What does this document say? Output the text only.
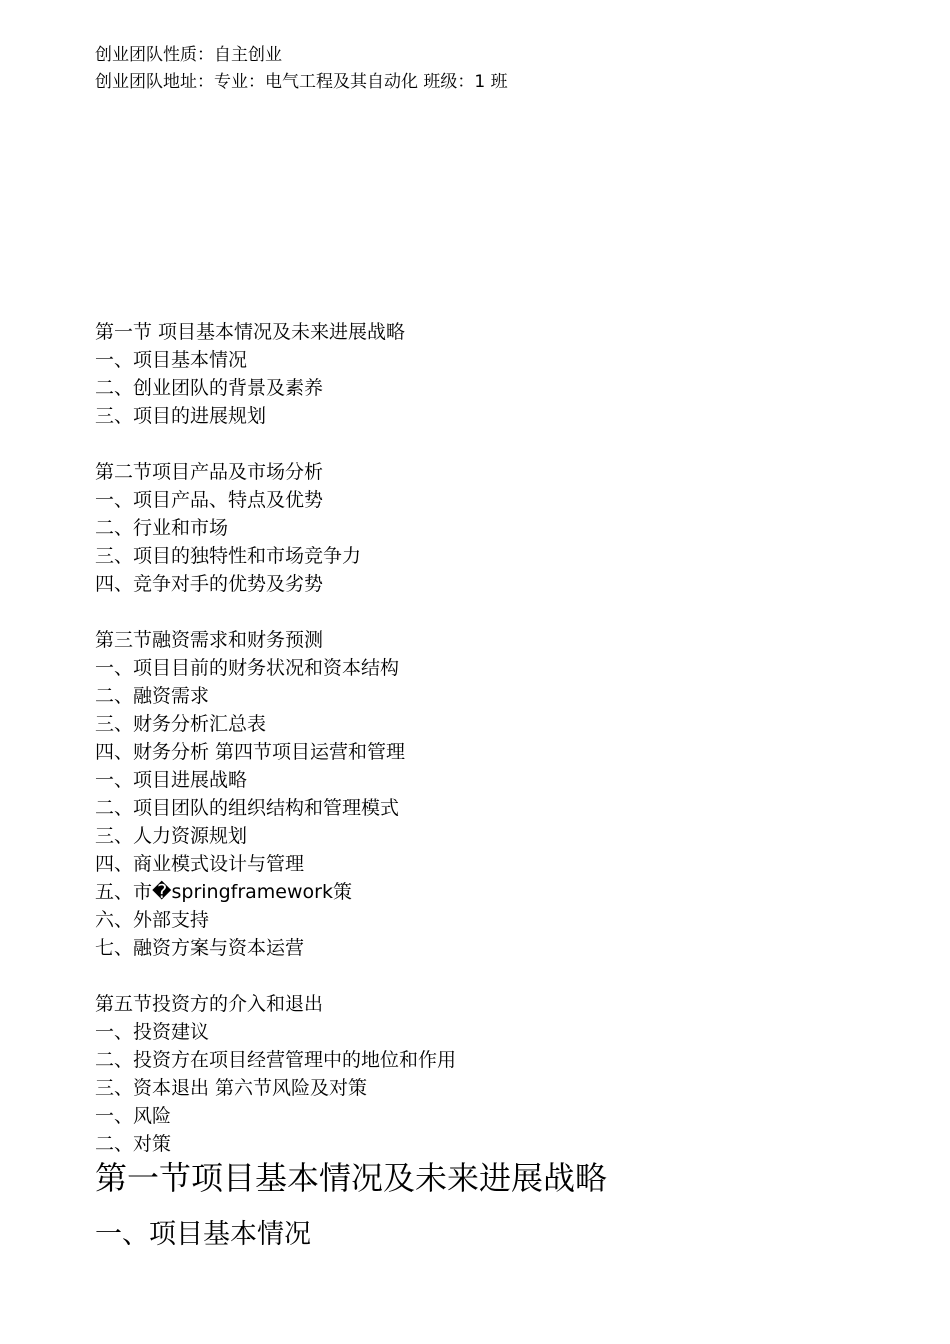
创业团队性质：自主创业
创业团队地址：专业：电气工程及其自动化 班级：1 班
第一节 项目基本情况及未来进展战略
一、项目基本情况
二、创业团队的背景及素养
三、项目的进展规划
第二节项目产品及市场分析
一、项目产品、特点及优势
二、行业和市场
三、项目的独特性和市场竞争力
四、竞争对手的优势及劣势
第三节融资需求和财务预测
一、项目目前的财务状况和资本结构
二、融资需求
三、财务分析汇总表
四、财务分析 第四节项目运营和管理
一、项目进展战略
二、项目团队的组织结构和管理模式
三、人力资源规划
四、商业模式设计与管理
五、市�springframework策
六、外部支持
七、融资方案与资本运营
第五节投资方的介入和退出
一、投资建议
二、投资方在项目经营管理中的地位和作用
三、资本退出 第六节风险及对策
一、风险
二、对策
第一节项目基本情况及未来进展战略
一、项目基本情况
